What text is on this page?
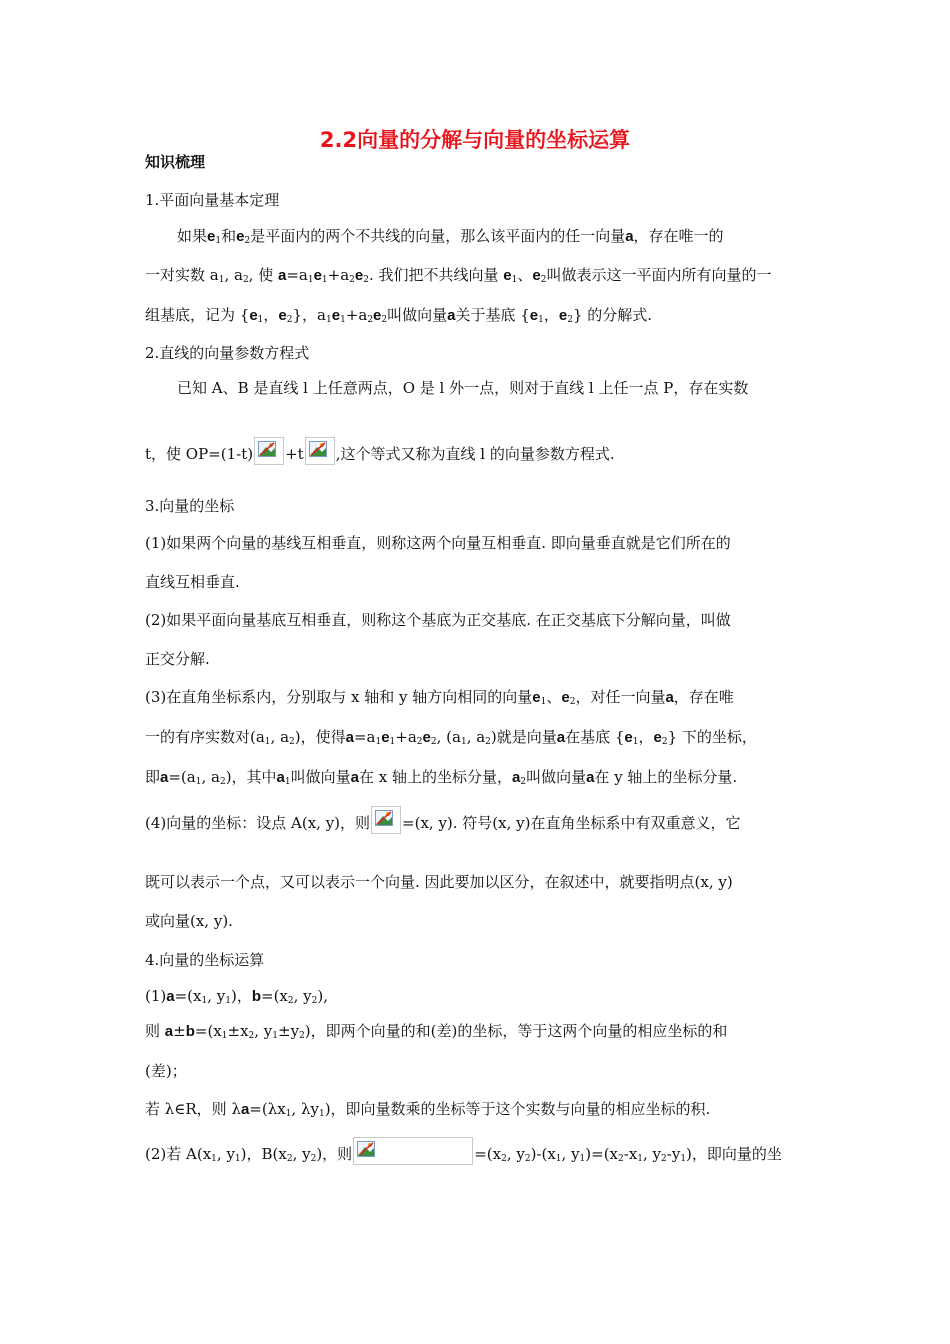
2.2向量的分解与向量的坐标运算
知识梳理
1.平面向量基本定理
如果$e_1$和$e_2$是平面内的两个不共线的向量，那么该平面内的任一向量a，存在唯一的
一对实数 $a_1$, $a_2$, 使 $a=a_1e_1+a_2e_2$. 我们把不共线向量 $e_1$、$e_2$叫做表示这一平面内所有向量的一
组基底，记为 {$e_1$，$e_2$}，$a_1e_1+a_2e_2$叫做向量a关于基底 {$e_1$，$e_2$} 的分解式.
2.直线的向量参数方程式
已知 A、B 是直线 l 上任意两点，O 是 l 外一点，则对于直线 l 上任一点 P，存在实数
t，使 OP=(1-t) +t ,这个等式又称为直线 l 的向量参数方程式.
3.向量的坐标
(1)如果两个向量的基线互相垂直，则称这两个向量互相垂直. 即向量垂直就是它们所在的
直线互相垂直.
(2)如果平面向量基底互相垂直，则称这个基底为正交基底. 在正交基底下分解向量，叫做
正交分解.
(3)在直角坐标系内，分别取与 x 轴和 y 轴方向相同的向量$e_1$、$e_2$，对任一向量a，存在唯
一的有序实数对($a_1$, $a_2$)，使得$a=a_1e_1+a_2e_2$, ($a_1$, $a_2$)就是向量a在基底 {$e_1$，$e_2$} 下的坐标，
即$a=(a_1$, $a_2$)，其中$a_1$叫做向量a在 x 轴上的坐标分量，$a_2$叫做向量a在 y 轴上的坐标分量.
(4)向量的坐标：设点 A(x, y)，则 =(x, y). 符号(x, y)在直角坐标系中有双重意义，它
既可以表示一个点，又可以表示一个向量. 因此要加以区分，在叙述中，就要指明点(x, y)
或向量(x, y).
4.向量的坐标运算
$(1)a=(x_1$, $y_1$)，$b=(x_2$, $y_2$),
则 $a\pm b=(x_1\pm x_2$, $y_1\pm y_2$)，即两个向量的和(差)的坐标，等于这两个向量的相应坐标的和
(差)；
若 λ∈R，则 $\lambda a=(\lambda x_1$, $\lambda y_1$)，即向量数乘的坐标等于这个实数与向量的相应坐标的积.
(2)若 $A(x_1$, $y_1$)，$B(x_2$, $y_2$)，则	$=(x_2$, $y_2)-(x_1$, $y_1)=(x_2-x_1$, $y_2-y_1$)，即向量的坐
